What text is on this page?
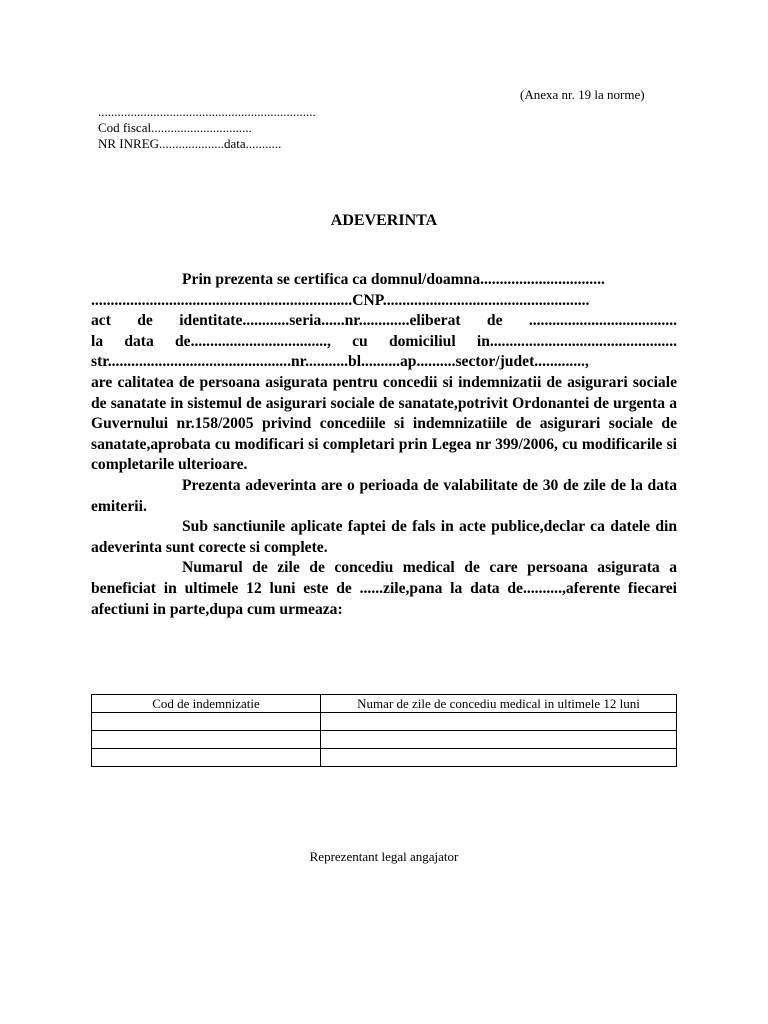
(Anexa nr. 19 la norme)
...................................................................
Cod fiscal...............................
NR INREG....................data...........
ADEVERINTA
Prin prezenta se certifica ca domnul/doamna................................
...................................................................CNP.....................................................
act de identitate............seria......nr.............eliberat de ......................................
la data de..................................., cu domiciliul in................................................
str...............................................nr...........bl..........ap..........sector/judet.............,

are calitatea de persoana asigurata pentru concedii si indemnizatii de asigurari sociale de sanatate in sistemul de asigurari sociale de sanatate,potrivit Ordonantei de urgenta a Guvernului nr.158/2005 privind concediile si indemnizatiile de asigurari sociale de sanatate,aprobata cu modificari si completari prin Legea nr 399/2006, cu modificarile si completarile ulterioare.

Prezenta adeverinta are o perioada de valabilitate de 30 de zile de la data emiterii.

Sub sanctiunile aplicate faptei de fals in acte publice,declar ca datele din adeverinta sunt corecte si complete.

Numarul de zile de concediu medical de care persoana asigurata a beneficiat in ultimele 12 luni este de ......zile,pana la data de..........,aferente fiecarei afectiuni in parte,dupa cum urmeaza:

Cod de indemnizatie	Numar de zile de concediu medical in ultimele 12 luni

Reprezentant legal angajator
